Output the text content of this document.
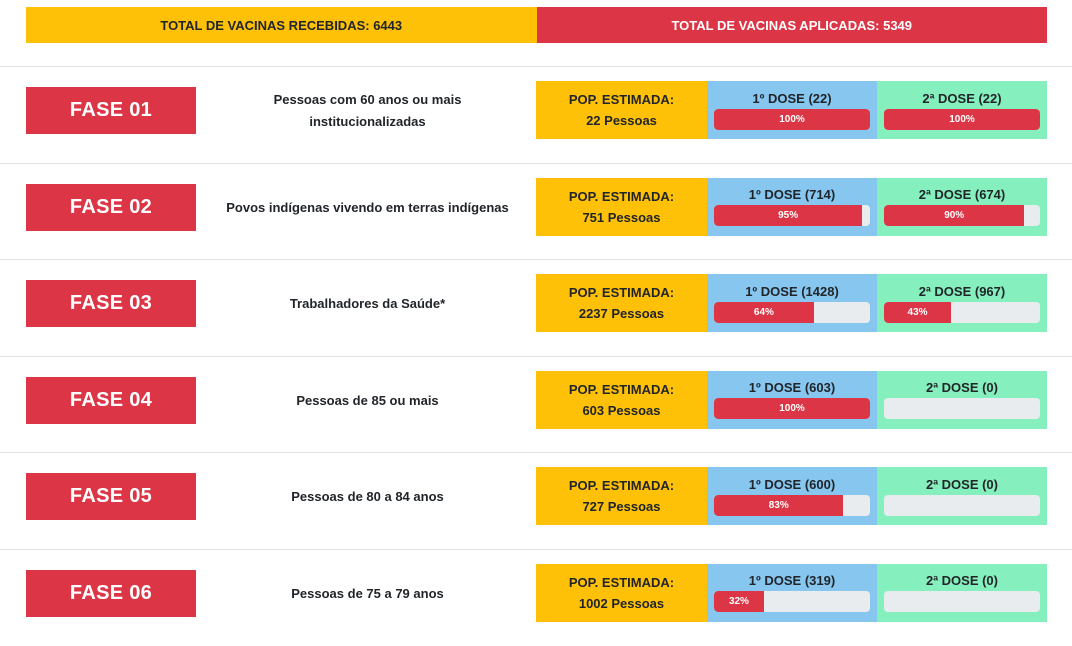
TOTAL DE VACINAS RECEBIDAS: 6443	TOTAL DE VACINAS APLICADAS: 5349
FASE 01	Pessoas com 60 anos ou mais
institucionalizadas
POP. ESTIMADA:
22 Pessoas
1º DOSE (22)
100%
2ª DOSE (22)
100%
FASE 02	Povos indígenas vivendo em terras indígenas
POP. ESTIMADA:
751 Pessoas
1º DOSE (714)
95%
2ª DOSE (674)
90%
FASE 03	Trabalhadores da Saúde*
POP. ESTIMADA:
2237 Pessoas
1º DOSE (1428)
64%
2ª DOSE (967)
43%
FASE 04	Pessoas de 85 ou mais
POP. ESTIMADA:
603 Pessoas
1º DOSE (603)
100%
2ª DOSE (0)
FASE 05	Pessoas de 80 a 84 anos
POP. ESTIMADA:
727 Pessoas
1º DOSE (600)
83%
2ª DOSE (0)
FASE 06	Pessoas de 75 a 79 anos
POP. ESTIMADA:
1002 Pessoas
1º DOSE (319)
32%
2ª DOSE (0)
